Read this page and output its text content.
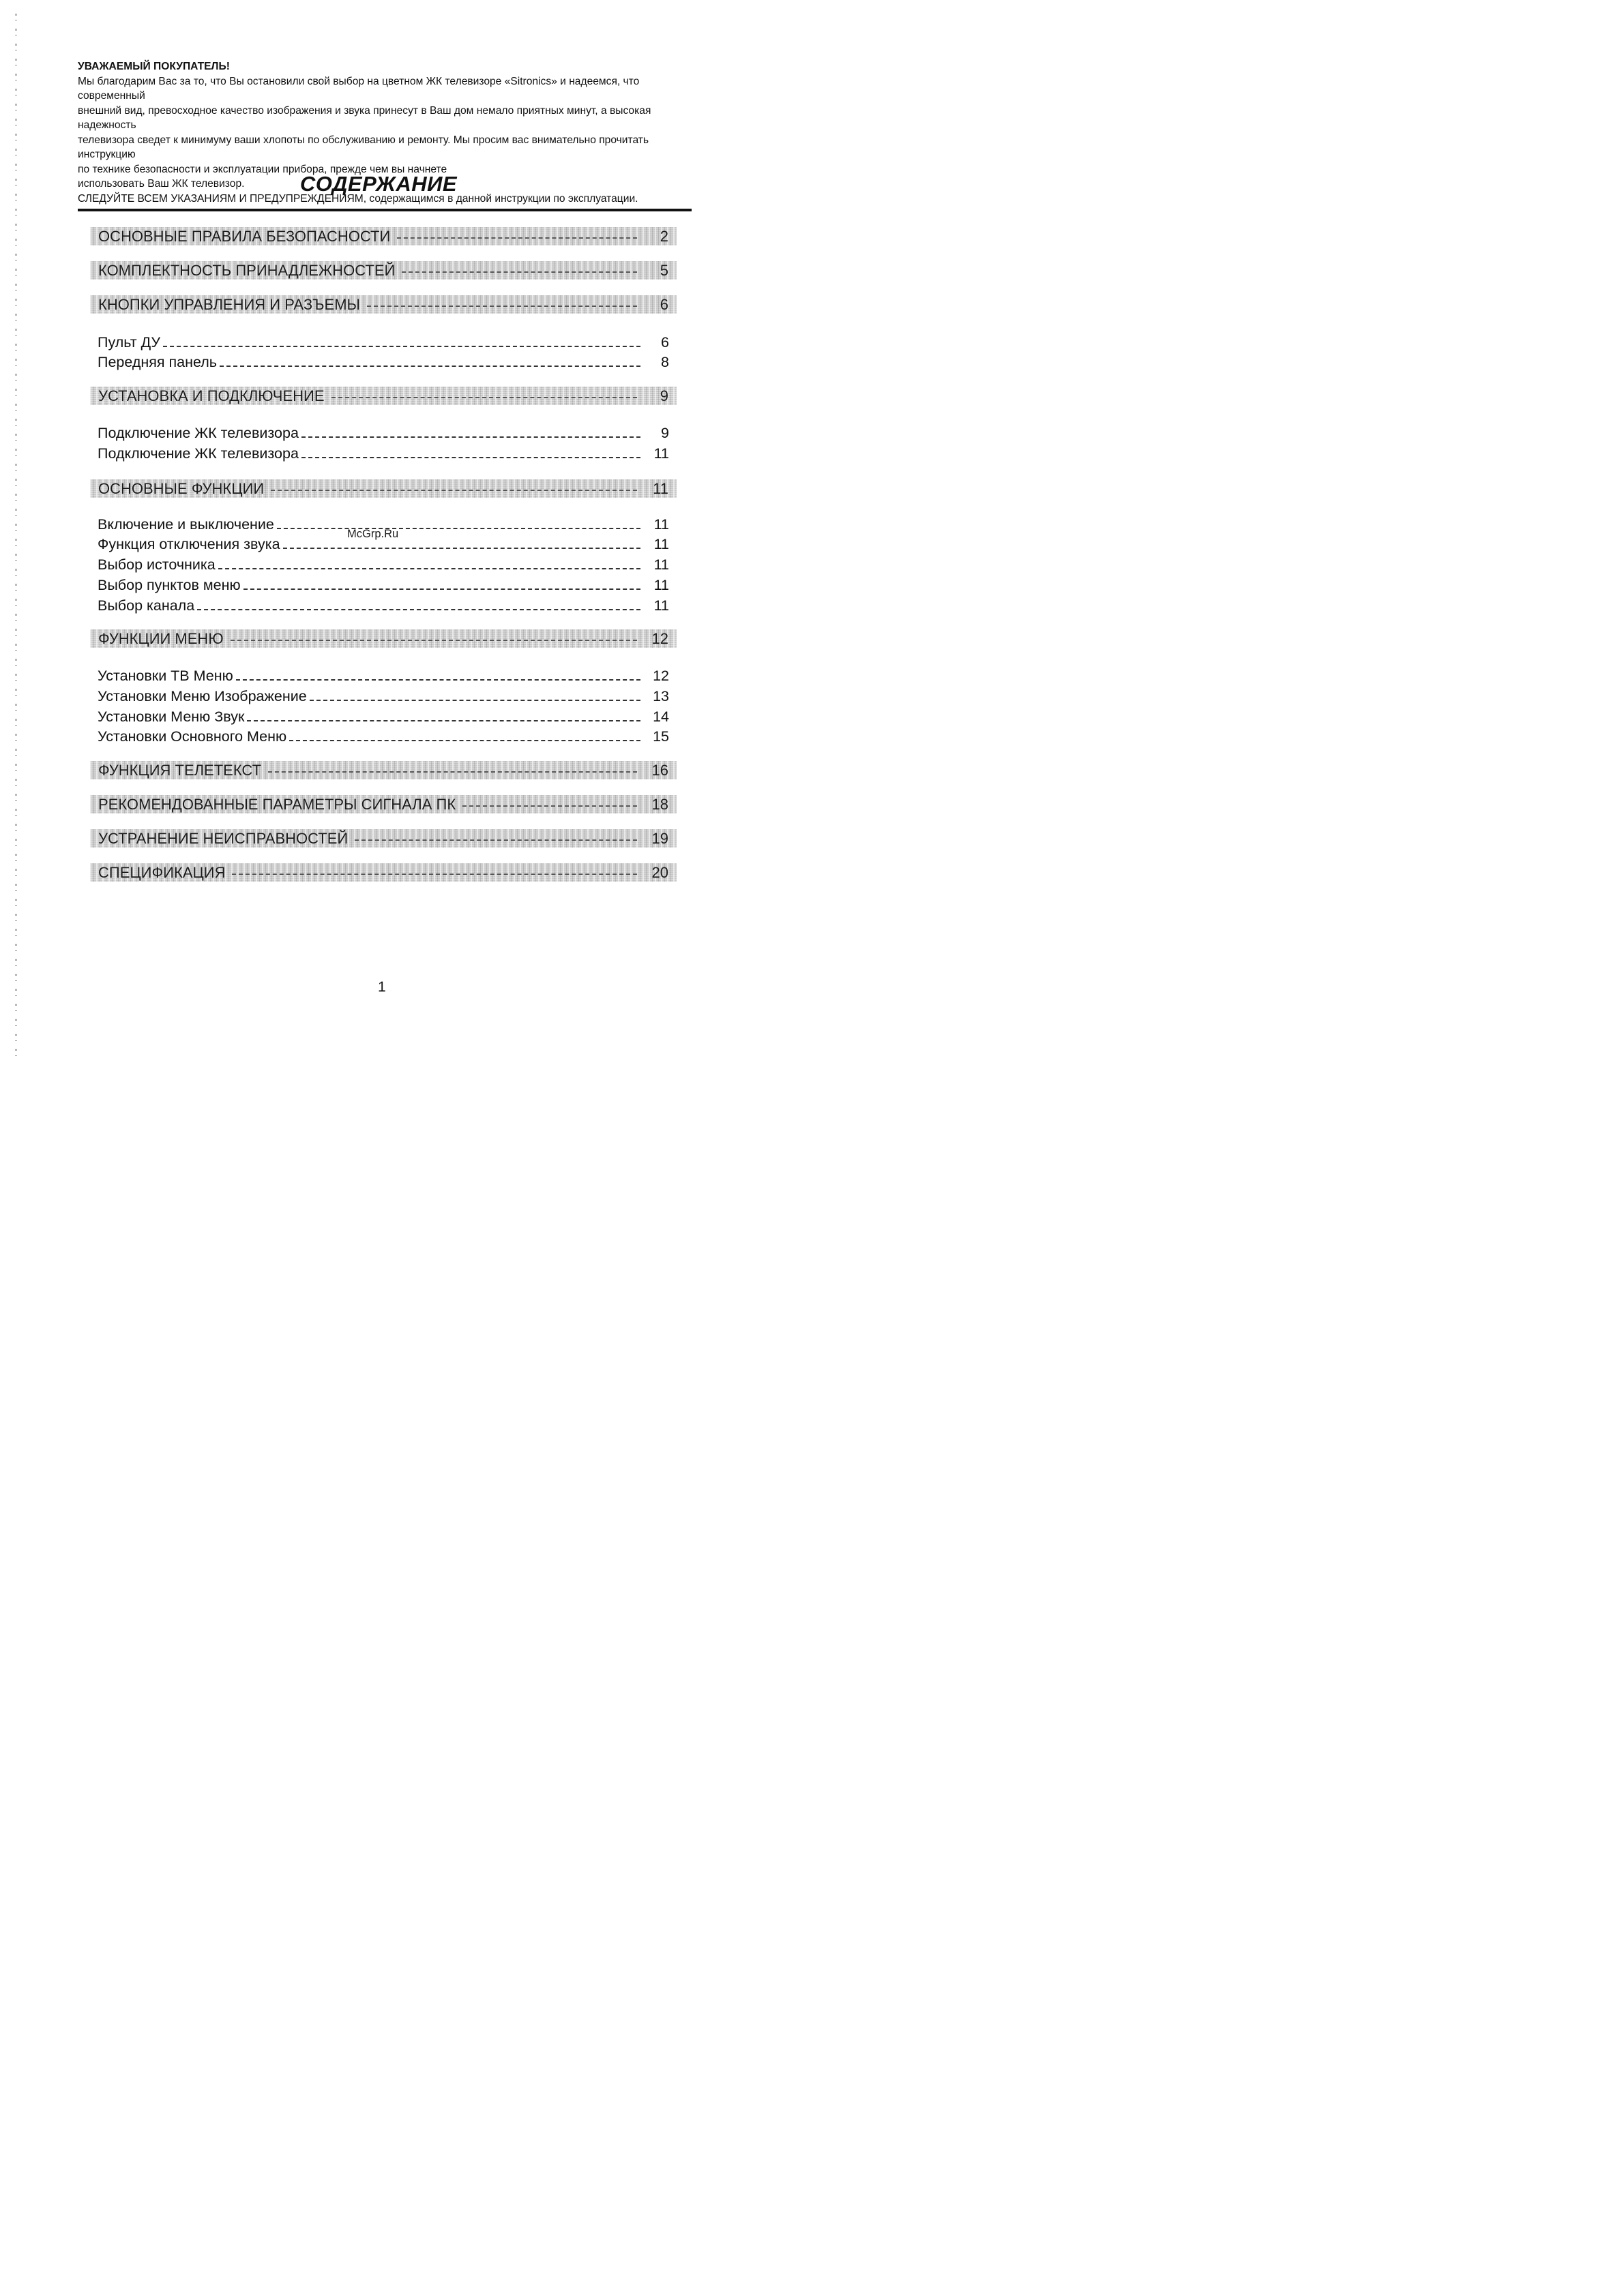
УВАЖАЕМЫЙ ПОКУПАТЕЛЬ!

Мы благодарим Вас за то, что Вы остановили свой выбор на цветном ЖК телевизоре «Sitronics» и надеемся, что современный

внешний вид, превосходное качество изображения и звука принесут в Ваш дом немало приятных минут, а высокая надежность

телевизора сведет к минимуму ваши хлопоты по обслуживанию и ремонту. Мы просим вас внимательно прочитать инструкцию

по технике безопасности и эксплуатации прибора, прежде чем вы начнете

использовать Ваш ЖК телевизор.

СЛЕДУЙТЕ ВСЕМ УКАЗАНИЯМ И ПРЕДУПРЕЖДЕНИЯМ, содержащимся в данной инструкции по эксплуатации.

СОДЕРЖАНИЕ
ОСНОВНЫЕ ПРАВИЛА БЕЗОПАСНОСТИ	2
КОМПЛЕКТНОСТЬ ПРИНАДЛЕЖНОСТЕЙ	5
КНОПКИ УПРАВЛЕНИЯ И РАЗЪЕМЫ	6
Пульт ДУ	6
Передняя панель	8
УСТАНОВКА И ПОДКЛЮЧЕНИЕ	9
Подключение ЖК телевизора	9
Подключение ЖК телевизора	11
ОСНОВНЫЕ ФУНКЦИИ	11
Включение и выключение	11
Функция отключения звука	11
Выбор источника	11
Выбор пунктов меню	11
Выбор канала	11
ФУНКЦИИ МЕНЮ	12
Установки ТВ Меню	12
Установки Меню Изображение	13
Установки Меню Звук	14
Установки Основного Меню	15
ФУНКЦИЯ ТЕЛЕТЕКСТ	16
РЕКОМЕНДОВАННЫЕ ПАРАМЕТРЫ СИГНАЛА ПК	18
УСТРАНЕНИЕ НЕИСПРАВНОСТЕЙ	19
СПЕЦИФИКАЦИЯ	20
McGrp.Ru
1
